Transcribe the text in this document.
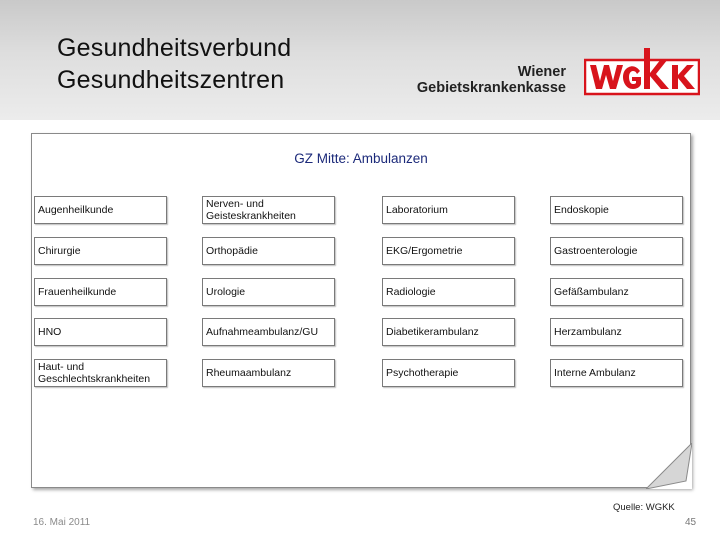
Gesundheitsverbund
Gesundheitszentren	Wiener
Gebietskrankenkasse
GZ Mitte: Ambulanzen
Augenheilkunde	Nerven- und Geisteskrankheiten	Laboratorium	Endoskopie
Chirurgie	Orthopädie	EKG/Ergometrie	Gastroenterologie
Frauenheilkunde	Urologie	Radiologie	Gefäßambulanz
HNO	Aufnahmeambulanz/GU	Diabetikerambulanz	Herzambulanz
Haut- und Geschlechtskrankheiten	Rheumaambulanz	Psychotherapie	Interne Ambulanz
Quelle: WGKK
16. Mai 2011	45
